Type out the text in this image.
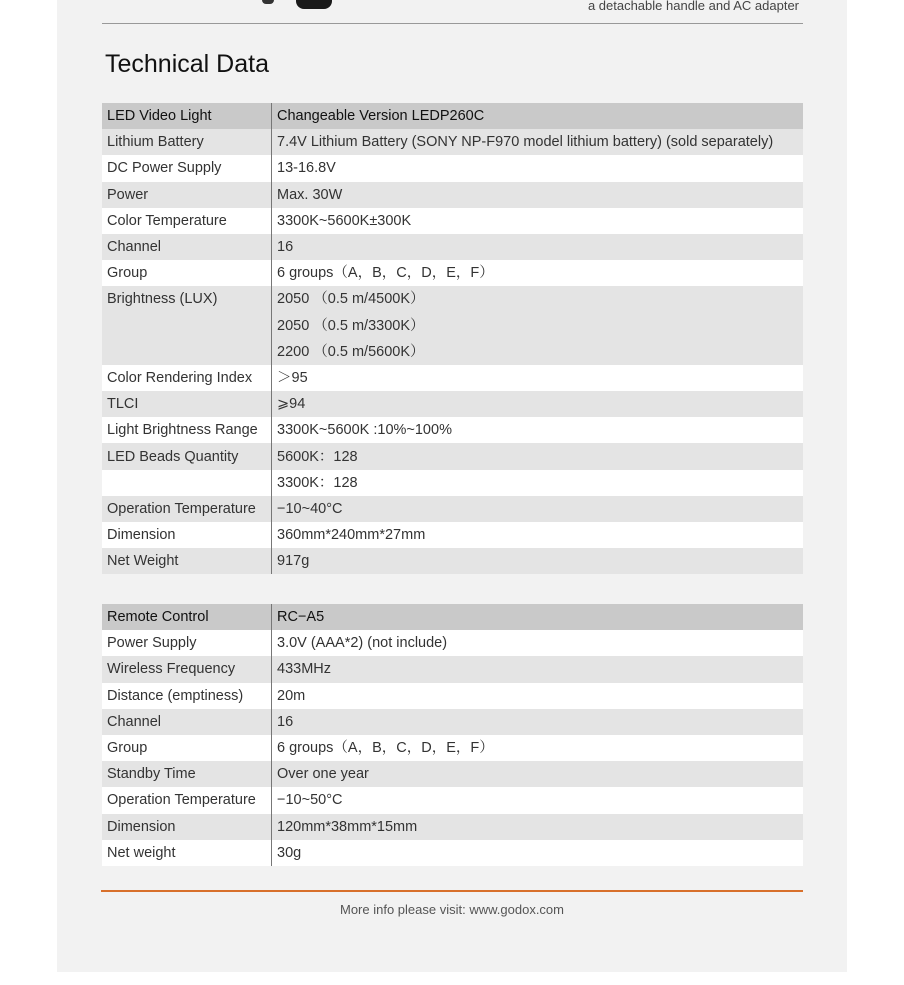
a detachable handle and AC adapter
Technical Data
LED Video Light	Changeable Version LEDP260C
Lithium Battery	7.4V Lithium Battery (SONY NP-F970 model lithium battery) (sold separately)
DC Power Supply	13-16.8V
Power	Max. 30W
Color Temperature	3300K~5600K±300K
Channel	16
Group	6 groups（A，B，C，D，E，F）
Brightness (LUX)	2050 （0.5 m/4500K）
	2050 （0.5 m/3300K）
	2200 （0.5 m/5600K）
Color Rendering Index	＞95
TLCI	⩾94
Light Brightness Range	3300K~5600K :10%~100%
LED Beads Quantity	5600K：128
	3300K：128
Operation Temperature	−10~40°C
Dimension	360mm*240mm*27mm
Net Weight	917g
Remote Control	RC−A5
Power Supply	3.0V (AAA*2) (not include)
Wireless Frequency	433MHz
Distance (emptiness)	20m
Channel	16
Group	6 groups（A，B，C，D，E，F）
Standby Time	Over one year
Operation Temperature	−10~50°C
Dimension	120mm*38mm*15mm
Net weight	30g
More info please visit: www.godox.com
